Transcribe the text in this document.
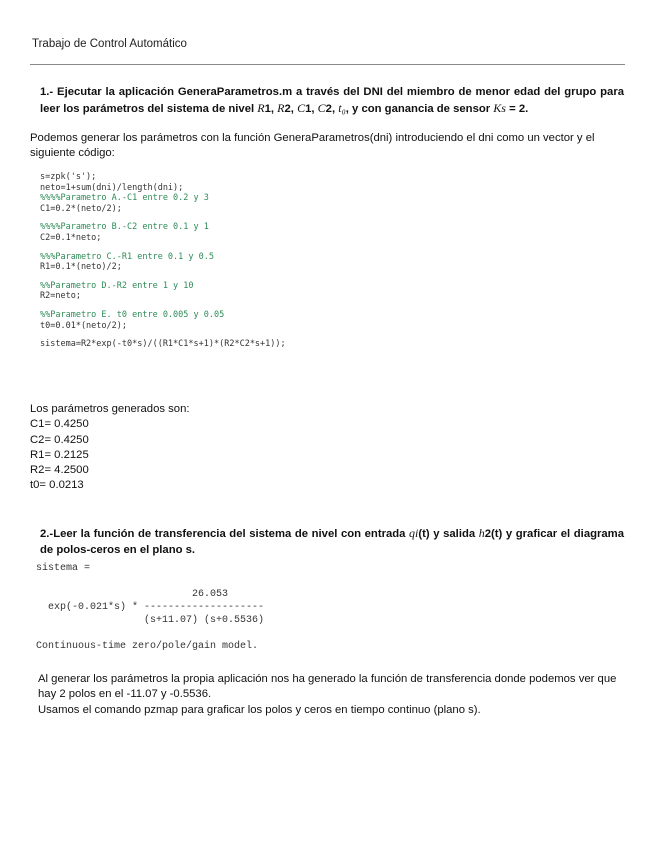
Trabajo de Control Automático
1.- Ejecutar la aplicación GeneraParametros.m a través del DNI del miembro de menor edad del grupo para leer los parámetros del sistema de nivel R1, R2, C1, C2, t₀, y con ganancia de sensor Ks = 2.
Podemos generar los parámetros con la función GeneraParametros(dni) introduciendo el dni como un vector y el siguiente código:
s=zpk('s');
neto=1+sum(dni)/length(dni);
%%%%Parametro A.-C1 entre 0.2 y 3
C1=0.2*(neto/2);
%%%%Parametro B.-C2 entre 0.1 y 1
C2=0.1*neto;
%%%Parametro C.-R1 entre 0.1 y 0.5
R1=0.1*(neto)/2;
%%Parametro D.-R2 entre 1 y 10
R2=neto;
%%Parametro E. t0 entre 0.005 y 0.05
t0=0.01*(neto/2);
sistema=R2*exp(-t0*s)/((R1*C1*s+1)*(R2*C2*s+1));
Los parámetros generados son:
C1= 0.4250
C2= 0.4250
R1= 0.2125
R2= 4.2500
t0= 0.0213
2.-Leer la función de transferencia del sistema de nivel con entrada qi(t) y salida h2(t) y graficar el diagrama de polos-ceros en el plano s.
sistema =
26.053
exp(-0.021*s) * --------------------
(s+11.07) (s+0.5536)
Continuous-time zero/pole/gain model.
Al generar los parámetros la propia aplicación nos ha generado la función de transferencia donde podemos ver que hay 2 polos en el -11.07 y -0.5536.
Usamos el comando pzmap para graficar los polos y ceros en tiempo continuo (plano s).
